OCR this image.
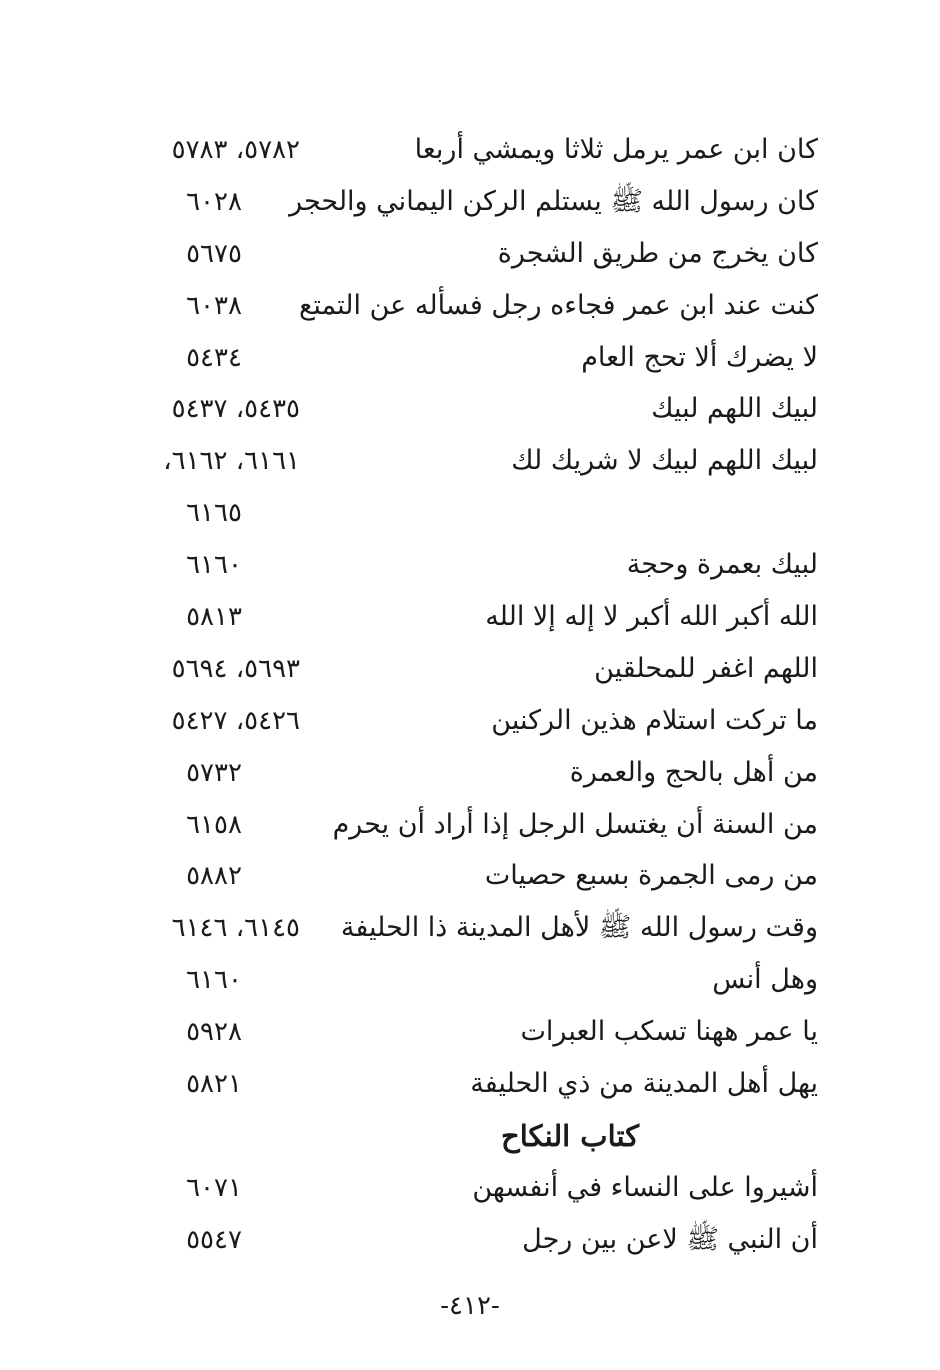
كان ابن عمر يرمل ثلاثا ويمشي أربعا
٥٧٨٢، ٥٧٨٣
كان رسول الله ﷺ يستلم الركن اليماني والحجر
٦٠٢٨
كان يخرج من طريق الشجرة
٥٦٧٥
كنت عند ابن عمر فجاءه رجل فسأله عن التمتع
٦٠٣٨
لا يضرك ألا تحج العام
٥٤٣٤
لبيك اللهم لبيك
٥٤٣٥، ٥٤٣٧
لبيك اللهم لبيك لا شريك لك
٦١٦١، ٦١٦٢،
٦١٦٥
لبيك بعمرة وحجة
٦١٦٠
الله أكبر الله أكبر لا إله إلا الله
٥٨١٣
اللهم اغفر للمحلقين
٥٦٩٣، ٥٦٩٤
ما تركت استلام هذين الركنين
٥٤٢٦، ٥٤٢٧
من أهل بالحج والعمرة
٥٧٣٢
من السنة أن يغتسل الرجل إذا أراد أن يحرم
٦١٥٨
من رمى الجمرة بسبع حصيات
٥٨٨٢
وقت رسول الله ﷺ لأهل المدينة ذا الحليفة
٦١٤٥، ٦١٤٦
وهل أنس
٦١٦٠
يا عمر ههنا تسكب العبرات
٥٩٢٨
يهل أهل المدينة من ذي الحليفة
٥٨٢١
كتاب النكاح
أشيروا على النساء في أنفسهن
٦٠٧١
أن النبي ﷺ لاعن بين رجل
٥٥٤٧
-٤١٢-
